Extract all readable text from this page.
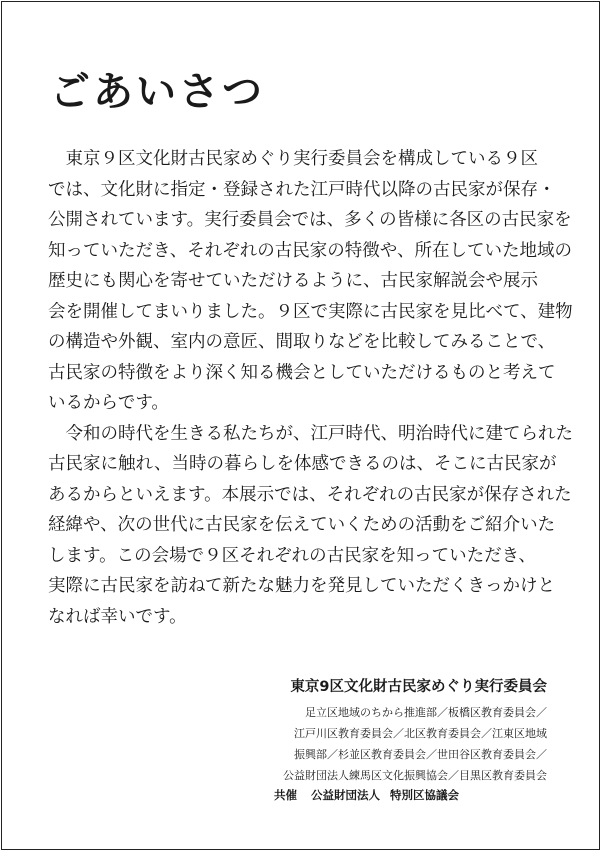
ごあいさつ
　東京９区文化財古民家めぐり実行委員会を構成している９区
では、文化財に指定・登録された江戸時代以降の古民家が保存・
公開されています。実行委員会では、多くの皆様に各区の古民家を
知っていただき、それぞれの古民家の特徴や、所在していた地域の
歴史にも関心を寄せていただけるように、古民家解説会や展示
会を開催してまいりました。９区で実際に古民家を見比べて、建物
の構造や外観、室内の意匠、間取りなどを比較してみることで、
古民家の特徴をより深く知る機会としていただけるものと考えて
いるからです。
　令和の時代を生きる私たちが、江戸時代、明治時代に建てられた
古民家に触れ、当時の暮らしを体感できるのは、そこに古民家が
あるからといえます。本展示では、それぞれの古民家が保存された
経緯や、次の世代に古民家を伝えていくための活動をご紹介いた
します。この会場で９区それぞれの古民家を知っていただき、
実際に古民家を訪ねて新たな魅力を発見していただくきっかけと
なれば幸いです。
東京9区文化財古民家めぐり実行委員会
足立区地域のちから推進部／板橋区教育委員会／
江戸川区教育委員会／北区教育委員会／江東区地域
振興部／杉並区教育委員会／世田谷区教育委員会／
公益財団法人練馬区文化振興協会／目黒区教育委員会
共催 公益財団法人 特別区協議会
